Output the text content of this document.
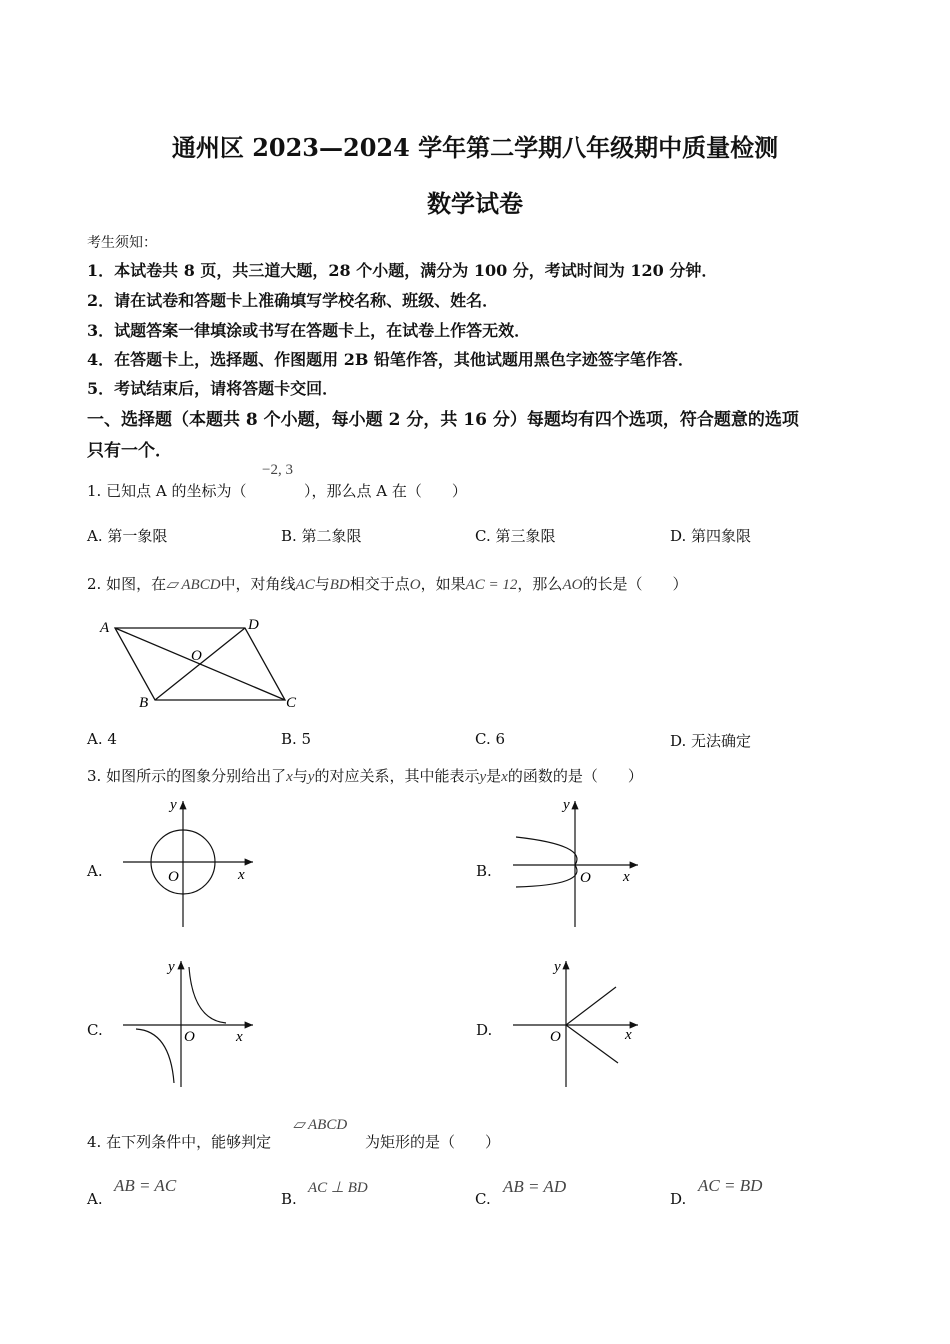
通州区 2023—2024 学年第二学期八年级期中质量检测
数学试卷
考生须知：
1．本试卷共 8 页，共三道大题，28 个小题，满分为 100 分，考试时间为 120 分钟．
2．请在试卷和答题卡上准确填写学校名称、班级、姓名．
3．试题答案一律填涂或书写在答题卡上，在试卷上作答无效．
4．在答题卡上，选择题、作图题用 2B 铅笔作答，其他试题用黑色字迹签字笔作答．
5．考试结束后，请将答题卡交回．
一、选择题（本题共 8 个小题，每小题 2 分，共 16 分）每题均有四个选项，符合题意的选项
只有一个．
1. 已知点 A 的坐标为（
−2, 3
），那么点 A 在（　　）
A. 第一象限	B. 第二象限	C. 第三象限	D. 第四象限
2. 如图，在▱ ABCD中，对角线AC与BD相交于点O，如果AC = 12，那么AO的长是（　　）
A	D
B	C
O
A. 4	B. 5	C. 6	D. 无法确定
3. 如图所示的图象分别给出了x与y的对应关系，其中能表示y是x的函数的是（　　）
A.	B.
C.	D.
y
x
O
y
x
O
y
x
O
y
x
O
4. 在下列条件中，能够判定
▱ ABCD
为矩形的是（　　）
A.
AB = AC
B.
AC ⊥ BD
C.
AB = AD
D.
AC = BD
